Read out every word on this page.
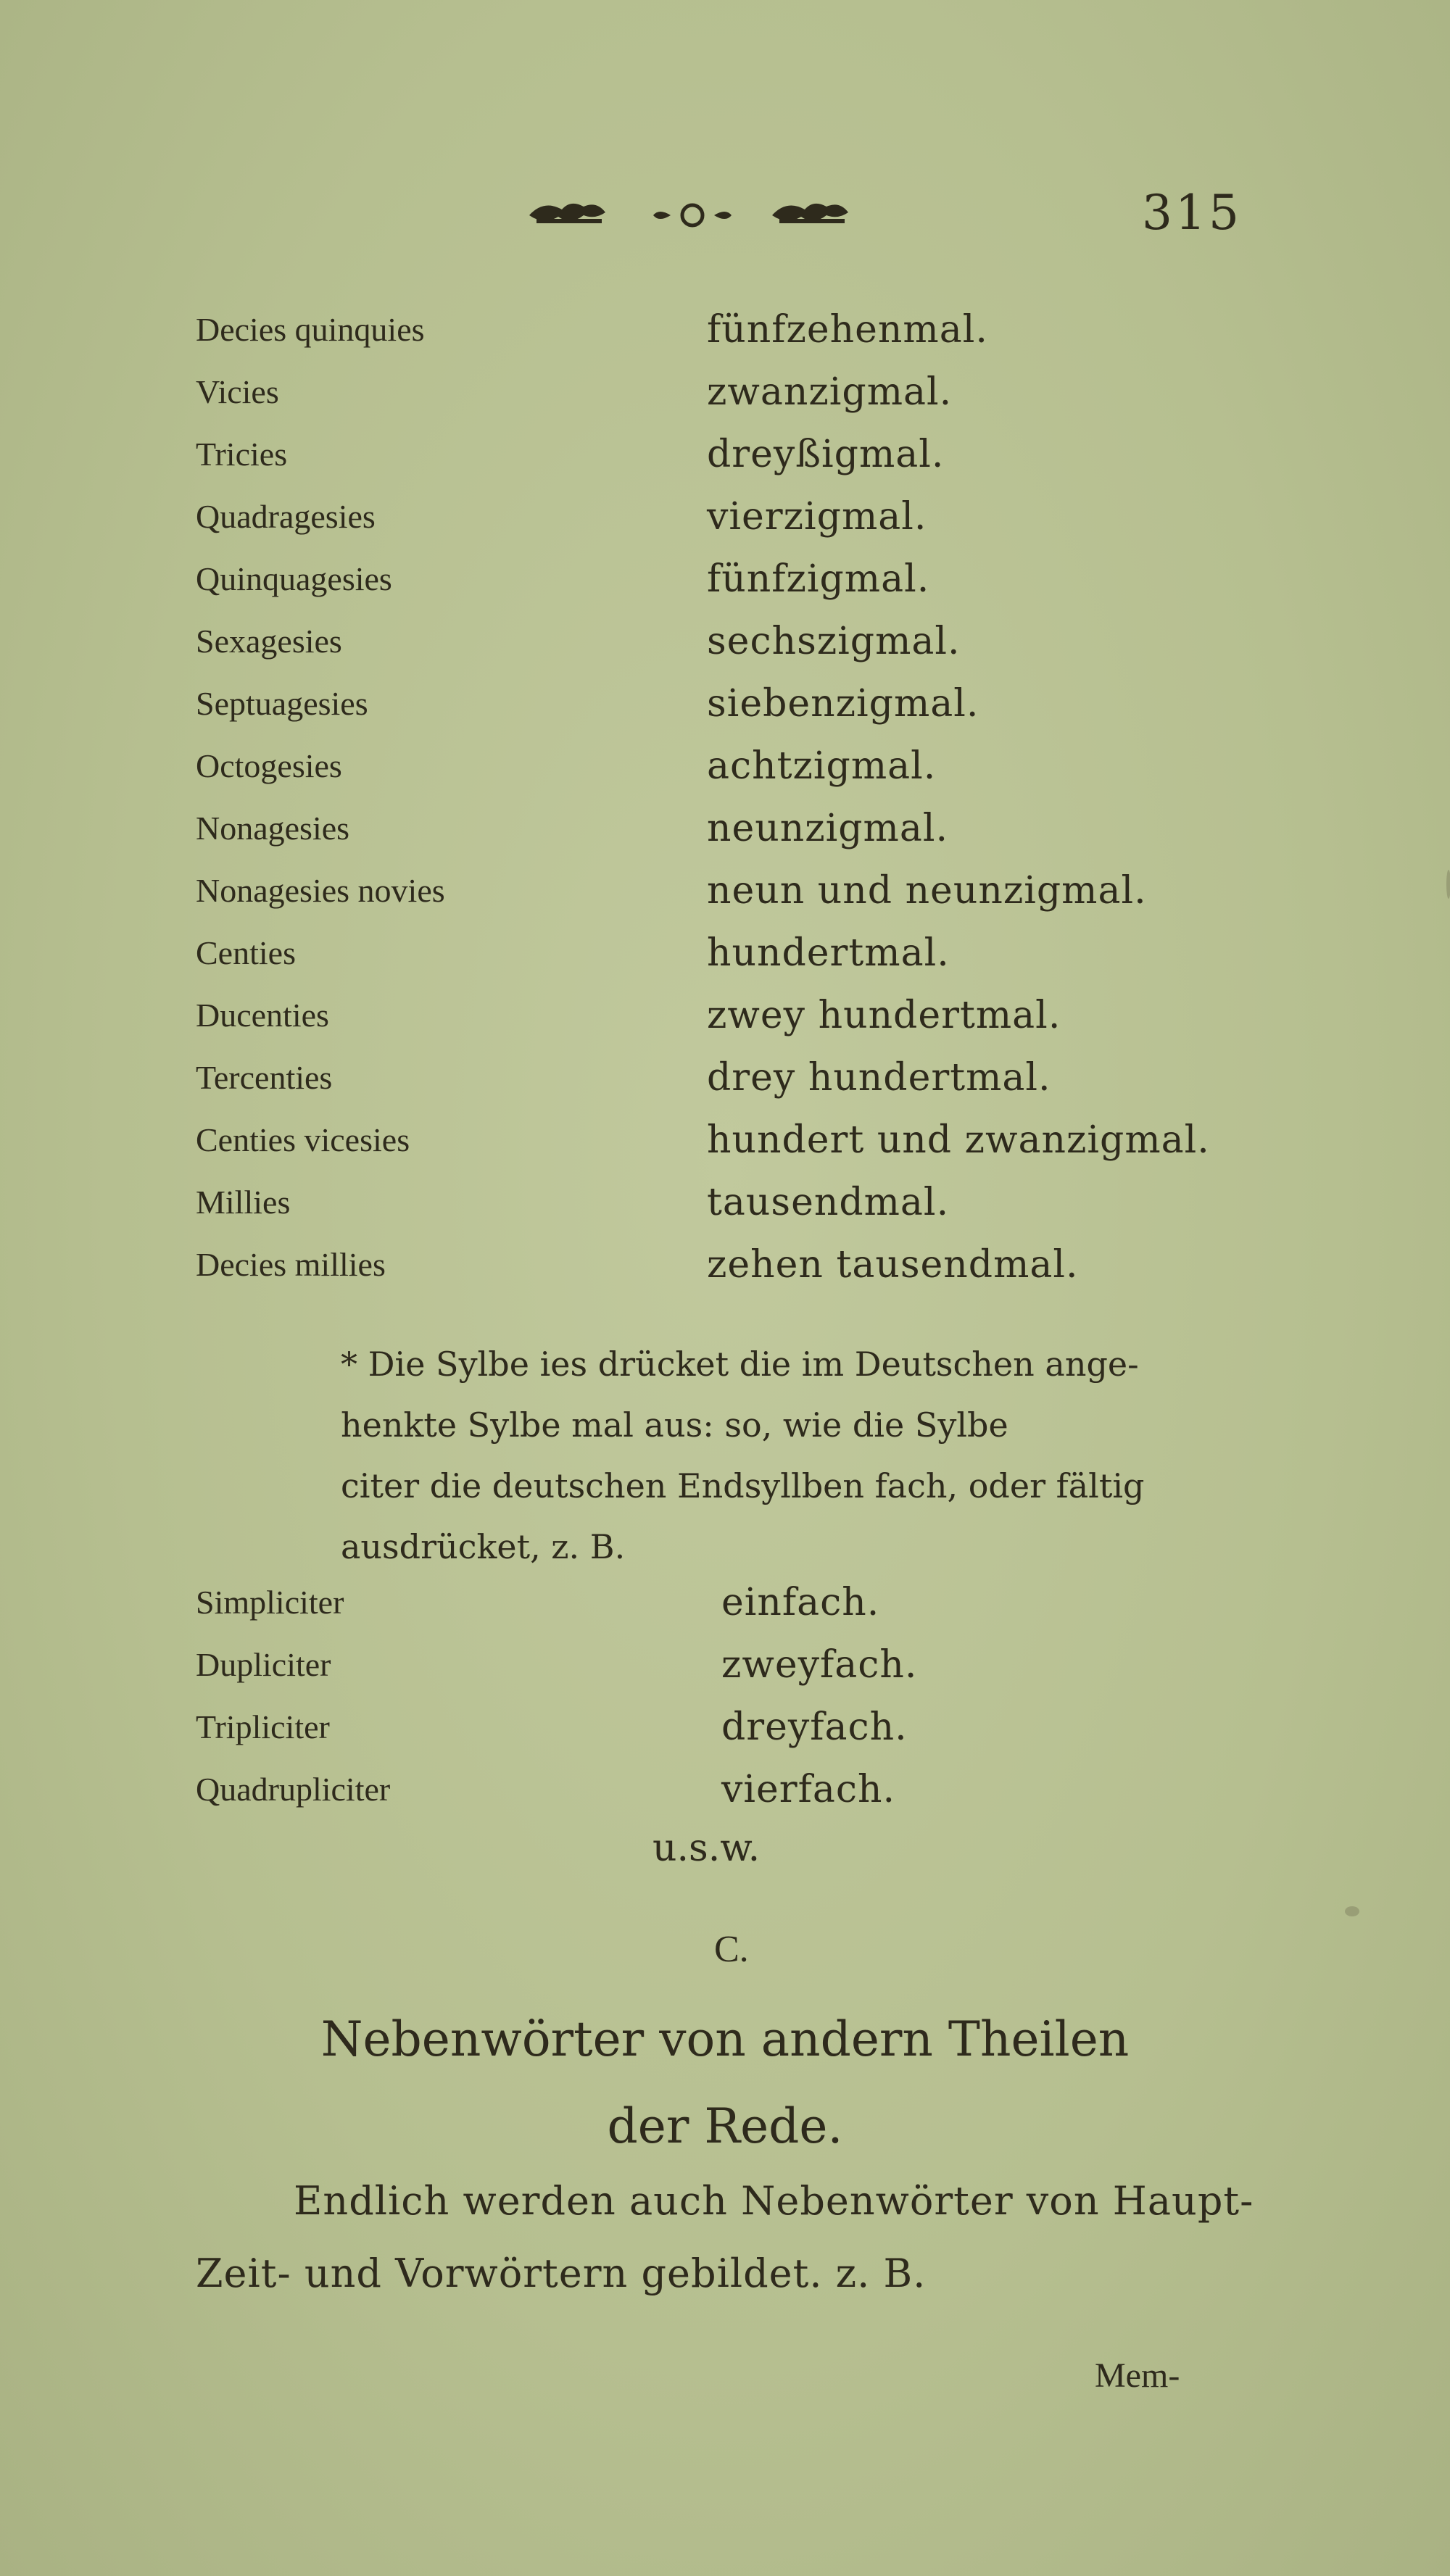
315
Decies quinquies	fünfzehenmal.
Vicies	zwanzigmal.
Tricies	dreyßigmal.
Quadragesies	vierzigmal.
Quinquagesies	fünfzigmal.
Sexagesies	sechszigmal.
Septuagesies	siebenzigmal.
Octogesies	achtzigmal.
Nonagesies	neunzigmal.
Nonagesies novies	neun und neunzigmal.
Centies	hundertmal.
Ducenties	zwey hundertmal.
Tercenties	drey hundertmal.
Centies vicesies	hundert und zwanzigmal.
Millies	tausendmal.
Decies millies	zehen tausendmal.

* Die Sylbe ies drücket die im Deutschen ange-

henkte Sylbe mal aus: so, wie die Sylbe

citer die deutschen Endsyllben fach, oder fältig

ausdrücket, z. B.

Simpliciter	einfach.
Dupliciter	zweyfach.
Tripliciter	dreyfach.
Quadrupliciter	vierfach.
u.s.w.
C.
Nebenwörter von andern Theilen
der Rede.
Endlich werden auch Nebenwörter von Haupt-
Zeit- und Vorwörtern gebildet. z. B.
Mem-
